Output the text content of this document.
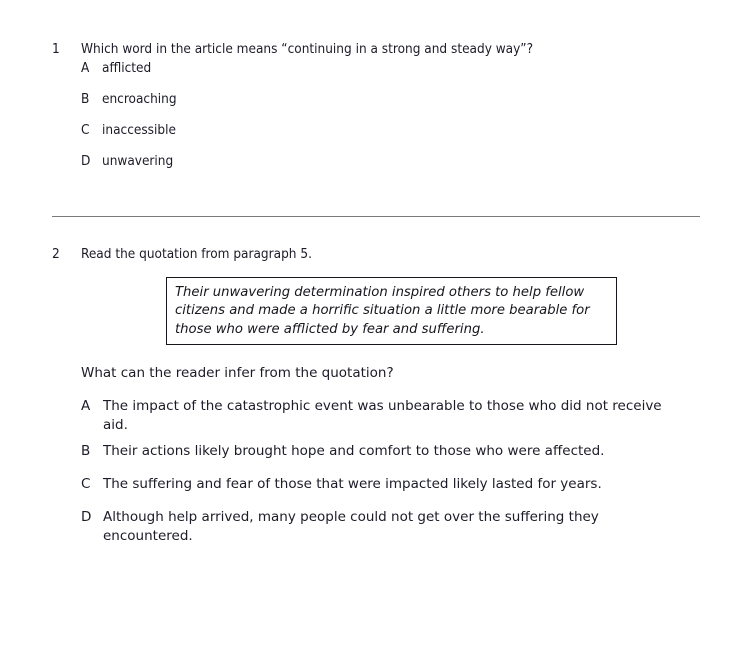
1	Which word in the article means “continuing in a strong and steady way”?
A afflicted
B encroaching
C inaccessible
D unwavering
2	Read the quotation from paragraph 5.
Their unwavering determination inspired others to help fellow citizens and made a horrific situation a little more bearable for those who were afflicted by fear and suffering.
What can the reader infer from the quotation?
A The impact of the catastrophic event was unbearable to those who did not receive aid.
B Their actions likely brought hope and comfort to those who were affected.
C The suffering and fear of those that were impacted likely lasted for years.
D Although help arrived, many people could not get over the suffering they encountered.
